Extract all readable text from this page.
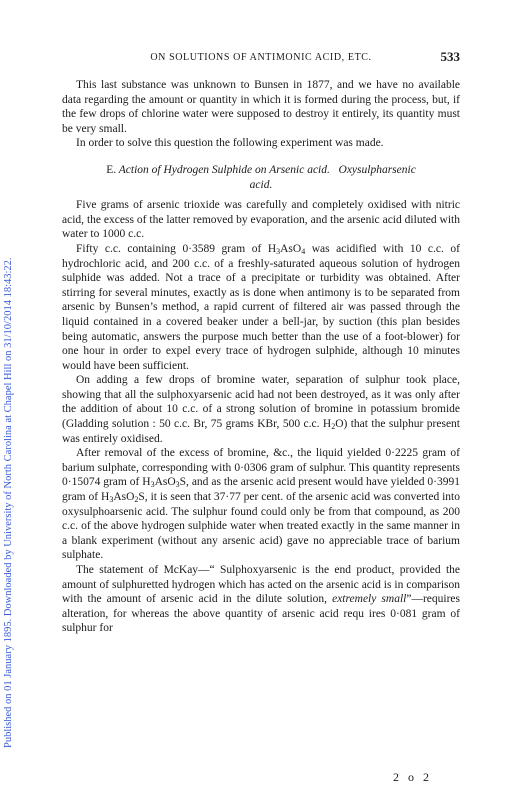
Published on 01 January 1895. Downloaded by University of North Carolina at Chapel Hill on 31/10/2014 18:43:22.
ON SOLUTIONS OF ANTIMONIC ACID, ETC.	533

This last substance was unknown to Bunsen in 1877, and we have no available data regarding the amount or quantity in which it is formed during the process, but, if the few drops of chlorine water were supposed to destroy it entirely, its quantity must be very small.

In order to solve this question the following experiment was made.

E. Action of Hydrogen Sulphide on Arsenic acid. Oxysulpharsenic
acid.

Five grams of arsenic trioxide was carefully and completely oxidised with nitric acid, the excess of the latter removed by evaporation, and the arsenic acid diluted with water to 1000 c.c.

Fifty c.c. containing 0·3589 gram of $H_3AsO_4$ was acidified with 10 c.c. of hydrochloric acid, and 200 c.c. of a freshly-saturated aqueous solution of hydrogen sulphide was added. Not a trace of a precipitate or turbidity was obtained. After stirring for several minutes, exactly as is done when antimony is to be separated from arsenic by Bunsen’s method, a rapid current of filtered air was passed through the liquid contained in a covered beaker under a bell-jar, by suction (this plan besides being automatic, answers the purpose much better than the use of a foot-blower) for one hour in order to expel every trace of hydrogen sulphide, although 10 minutes would have been sufficient.

On adding a few drops of bromine water, separation of sulphur took place, showing that all the sulphoxyarsenic acid had not been destroyed, as it was only after the addition of about 10 c.c. of a strong solution of bromine in potassium bromide (Gladding solution : 50 c.c. Br, 75 grams KBr, 500 c.c. $H_2O$) that the sulphur present was entirely oxidised.

After removal of the excess of bromine, &c., the liquid yielded 0·2225 gram of barium sulphate, corresponding with 0·0306 gram of sulphur. This quantity represents 0·15074 gram of $H_3AsO_3S$, and as the arsenic acid present would have yielded 0·3991 gram of $H_3AsO_2S$, it is seen that 37·77 per cent. of the arsenic acid was converted into oxysulphoarsenic acid. The sulphur found could only be from that compound, as 200 c.c. of the above hydrogen sulphide water when treated exactly in the same manner in a blank experiment (without any arsenic acid) gave no appreciable trace of barium sulphate.

The statement of McKay—“ Sulphoxyarsenic is the end product, provided the amount of sulphuretted hydrogen which has acted on the arsenic acid is in comparison with the amount of arsenic acid in the dilute solution, extremely small”—requires alteration, for whereas the above quantity of arsenic acid requ ires 0·081 gram of sulphur for

2 o 2
